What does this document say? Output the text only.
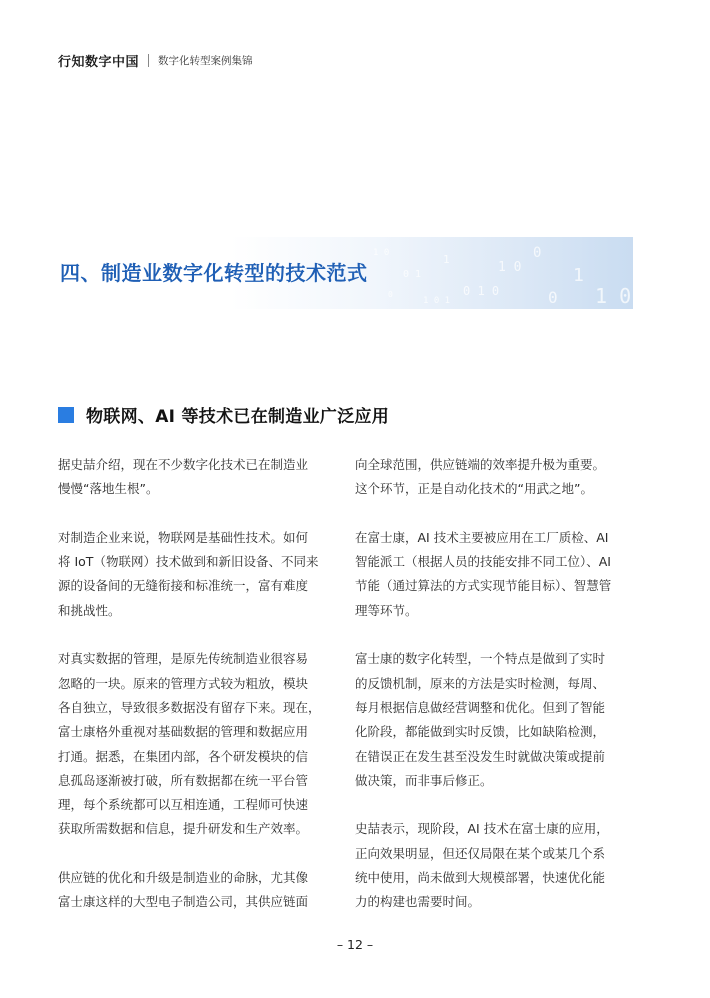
行知数字中国 数字化转型案例集锦
1 0
0 1
1
0 1 0
1 0
0
0
1
1 0
1 0 1
0
四、制造业数字化转型的技术范式
物联网、AI 等技术已在制造业广泛应用

据史喆介绍，现在不少数字化技术已在制造业
慢慢“落地生根”。

对制造企业来说，物联网是基础性技术。如何
将 IoT（物联网）技术做到和新旧设备、不同来
源的设备间的无缝衔接和标准统一，富有难度
和挑战性。

对真实数据的管理，是原先传统制造业很容易
忽略的一块。原来的管理方式较为粗放，模块
各自独立，导致很多数据没有留存下来。现在，
富士康格外重视对基础数据的管理和数据应用
打通。据悉，在集团内部，各个研发模块的信
息孤岛逐渐被打破，所有数据都在统一平台管
理，每个系统都可以互相连通，工程师可快速
获取所需数据和信息，提升研发和生产效率。

供应链的优化和升级是制造业的命脉，尤其像
富士康这样的大型电子制造公司，其供应链面

向全球范围，供应链端的效率提升极为重要。
这个环节，正是自动化技术的“用武之地”。

在富士康，AI 技术主要被应用在工厂质检、AI
智能派工（根据人员的技能安排不同工位）、AI
节能（通过算法的方式实现节能目标）、智慧管
理等环节。

富士康的数字化转型，一个特点是做到了实时
的反馈机制，原来的方法是实时检测，每周、
每月根据信息做经营调整和优化。但到了智能
化阶段，都能做到实时反馈，比如缺陷检测，
在错误正在发生甚至没发生时就做决策或提前
做决策，而非事后修正。

史喆表示，现阶段，AI 技术在富士康的应用，
正向效果明显，但还仅局限在某个或某几个系
统中使用，尚未做到大规模部署，快速优化能
力的构建也需要时间。

– 12 –
